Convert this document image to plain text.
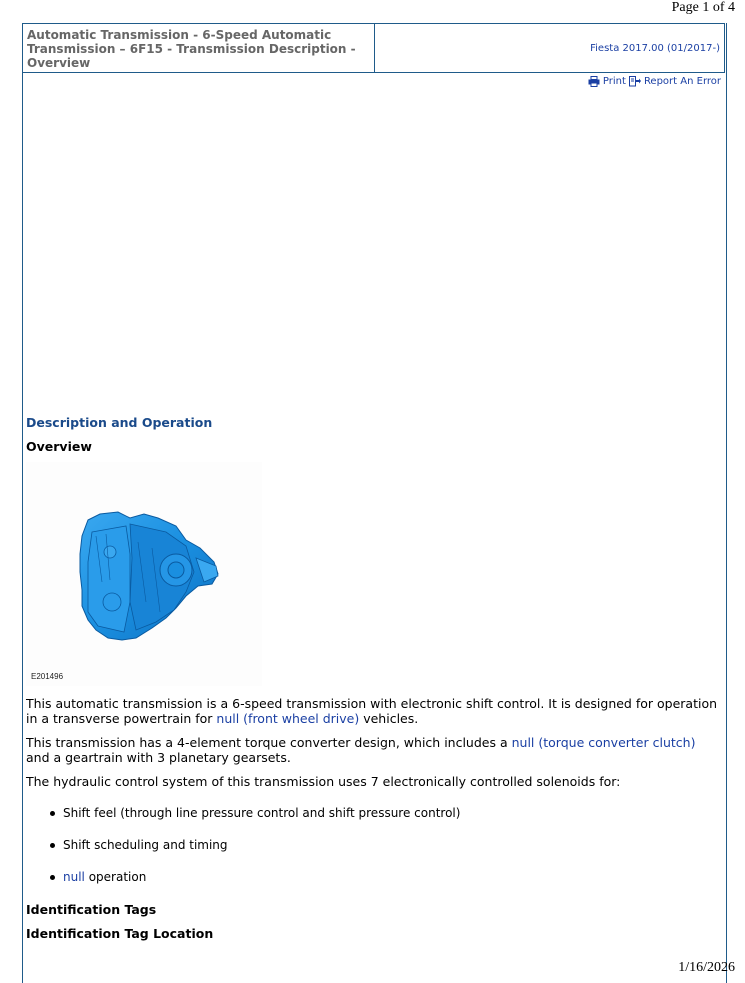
Page 1 of 4
Automatic Transmission - 6-Speed Automatic Transmission – 6F15 - Transmission Description - Overview
Fiesta 2017.00 (01/2017-)
Print Report An Error
Description and Operation
Overview
E201496
This automatic transmission is a 6-speed transmission with electronic shift control. It is designed for operation in a transverse powertrain for null (front wheel drive) vehicles.
This transmission has a 4-element torque converter design, which includes a null (torque converter clutch) and a geartrain with 3 planetary gearsets.
The hydraulic control system of this transmission uses 7 electronically controlled solenoids for:
Shift feel (through line pressure control and shift pressure control)
Shift scheduling and timing
null operation
Identification Tags
Identification Tag Location
1/16/2026
